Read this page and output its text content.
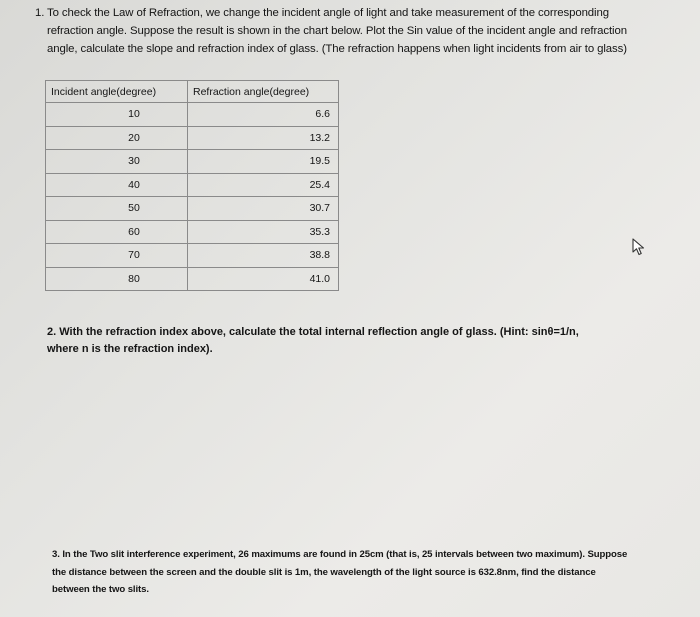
1. To check the Law of Refraction, we change the incident angle of light and take measurement of the corresponding refraction angle. Suppose the result is shown in the chart below. Plot the Sin value of the incident angle and refraction angle, calculate the slope and refraction index of glass. (The refraction happens when light incidents from air to glass)
Incident angle(degree)	Refraction angle(degree)
10	6.6
20	13.2
30	19.5
40	25.4
50	30.7
60	35.3
70	38.8
80	41.0
2. With the refraction index above, calculate the total internal reflection angle of glass. (Hint: sinθ=1/n, where n is the refraction index).
3. In the Two slit interference experiment, 26 maximums are found in 25cm (that is, 25 intervals between two maximum). Suppose the distance between the screen and the double slit is 1m, the wavelength of the light source is 632.8nm, find the distance between the two slits.
